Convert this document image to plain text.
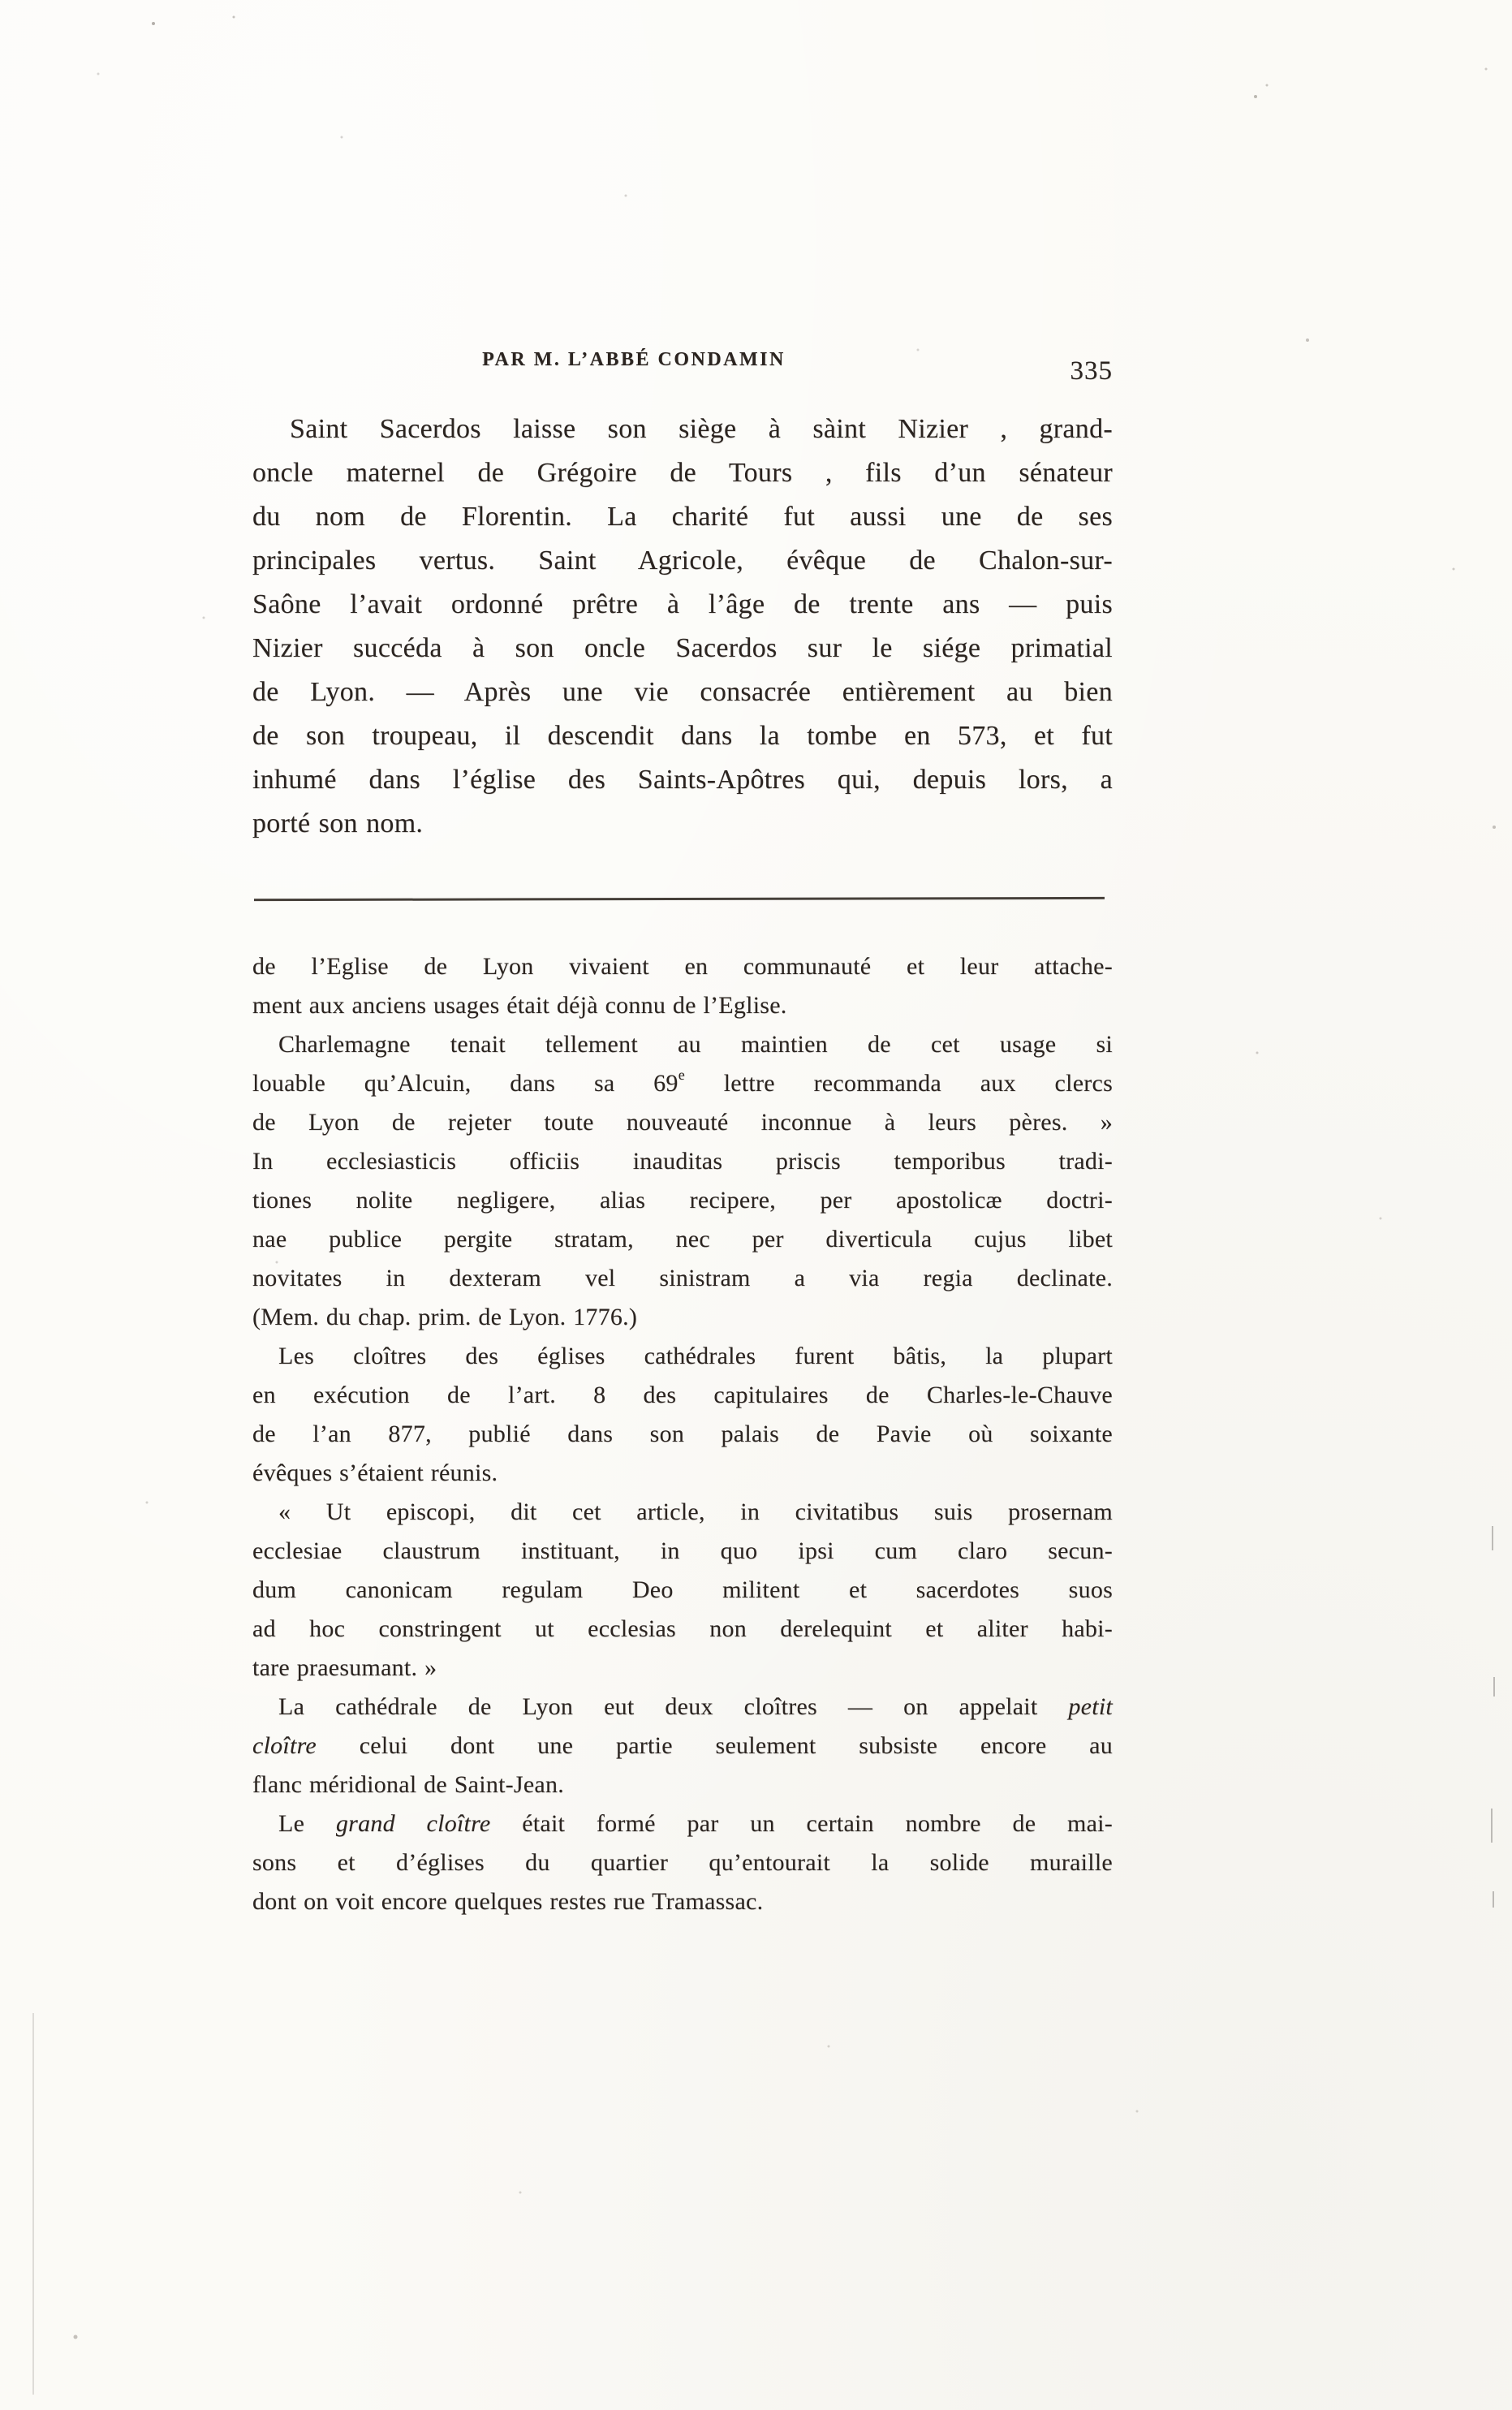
PAR M. L’ABBÉ CONDAMIN	335
Saint Sacerdos laisse son siège à sàint Nizier , grand-
oncle maternel de Grégoire de Tours , fils d’un sénateur
du nom de Florentin. La charité fut aussi une de ses
principales vertus. Saint Agricole, évêque de Chalon-sur-
Saône l’avait ordonné prêtre à l’âge de trente ans — puis
Nizier succéda à son oncle Sacerdos sur le siége primatial
de Lyon. — Après une vie consacrée entièrement au bien
de son troupeau, il descendit dans la tombe en 573, et fut
inhumé dans l’église des Saints-Apôtres qui, depuis lors, a
porté son nom.
de l’Eglise de Lyon vivaient en communauté et leur attache-
ment aux anciens usages était déjà connu de l’Eglise.
Charlemagne tenait tellement au maintien de cet usage si
louable qu’Alcuin, dans sa 69e lettre recommanda aux clercs
de Lyon de rejeter toute nouveauté inconnue à leurs pères. »
In ecclesiasticis officiis inauditas priscis temporibus tradi-
tiones nolite negligere, alias recipere, per apostolicæ doctri-
nae publice pergite stratam, nec per diverticula cujus libet
novitates in dexteram vel sinistram a via regia declinate.
(Mem. du chap. prim. de Lyon. 1776.)
Les cloîtres des églises cathédrales furent bâtis, la plupart
en exécution de l’art. 8 des capitulaires de Charles-le-Chauve
de l’an 877, publié dans son palais de Pavie où soixante
évêques s’étaient réunis.
« Ut episcopi, dit cet article, in civitatibus suis prosernam
ecclesiae claustrum instituant, in quo ipsi cum claro secun-
dum canonicam regulam Deo militent et sacerdotes suos
ad hoc constringent ut ecclesias non derelequint et aliter habi-
tare praesumant. »
La cathédrale de Lyon eut deux cloîtres — on appelait petit
cloître celui dont une partie seulement subsiste encore au
flanc méridional de Saint-Jean.
Le grand cloître était formé par un certain nombre de mai-
sons et d’églises du quartier qu’entourait la solide muraille
dont on voit encore quelques restes rue Tramassac.
